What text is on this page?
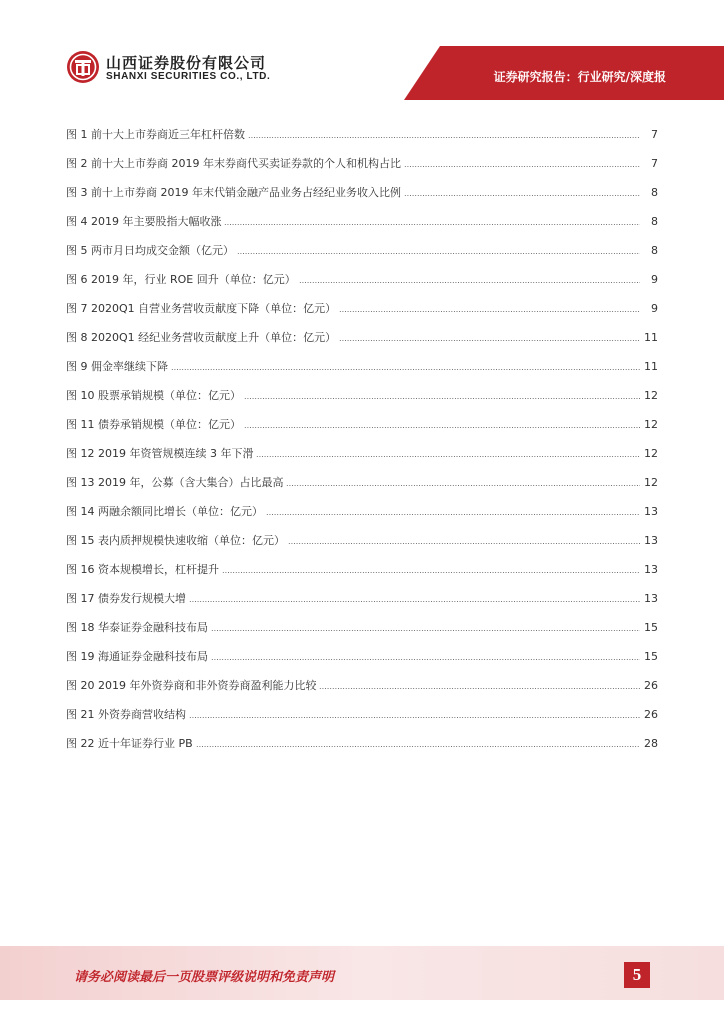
山西证券股份有限公司
SHANXI SECURITIES CO., LTD.	证券研究报告：行业研究/深度报
图 1 前十大上市券商近三年杠杆倍数	7
图 2 前十大上市券商 2019 年末券商代买卖证券款的个人和机构占比	7
图 3 前十上市券商 2019 年末代销金融产品业务占经纪业务收入比例	8
图 4 2019 年主要股指大幅收涨	8
图 5 两市月日均成交金额（亿元）	8
图 6 2019 年，行业 ROE 回升（单位：亿元）	9
图 7 2020Q1 自营业务营收贡献度下降（单位：亿元）	9
图 8 2020Q1 经纪业务营收贡献度上升（单位：亿元）	11
图 9 佣金率继续下降	11
图 10 股票承销规模（单位：亿元）	12
图 11 债券承销规模（单位：亿元）	12
图 12 2019 年资管规模连续 3 年下滑	12
图 13 2019 年，公募（含大集合）占比最高	12
图 14 两融余额同比增长（单位：亿元）	13
图 15 表内质押规模快速收缩（单位：亿元）	13
图 16 资本规模增长，杠杆提升	13
图 17 债券发行规模大增	13
图 18 华泰证券金融科技布局	15
图 19 海通证券金融科技布局	15
图 20 2019 年外资券商和非外资券商盈利能力比较	26
图 21 外资券商营收结构	26
图 22 近十年证券行业 PB	28
请务必阅读最后一页股票评级说明和免责声明	5
